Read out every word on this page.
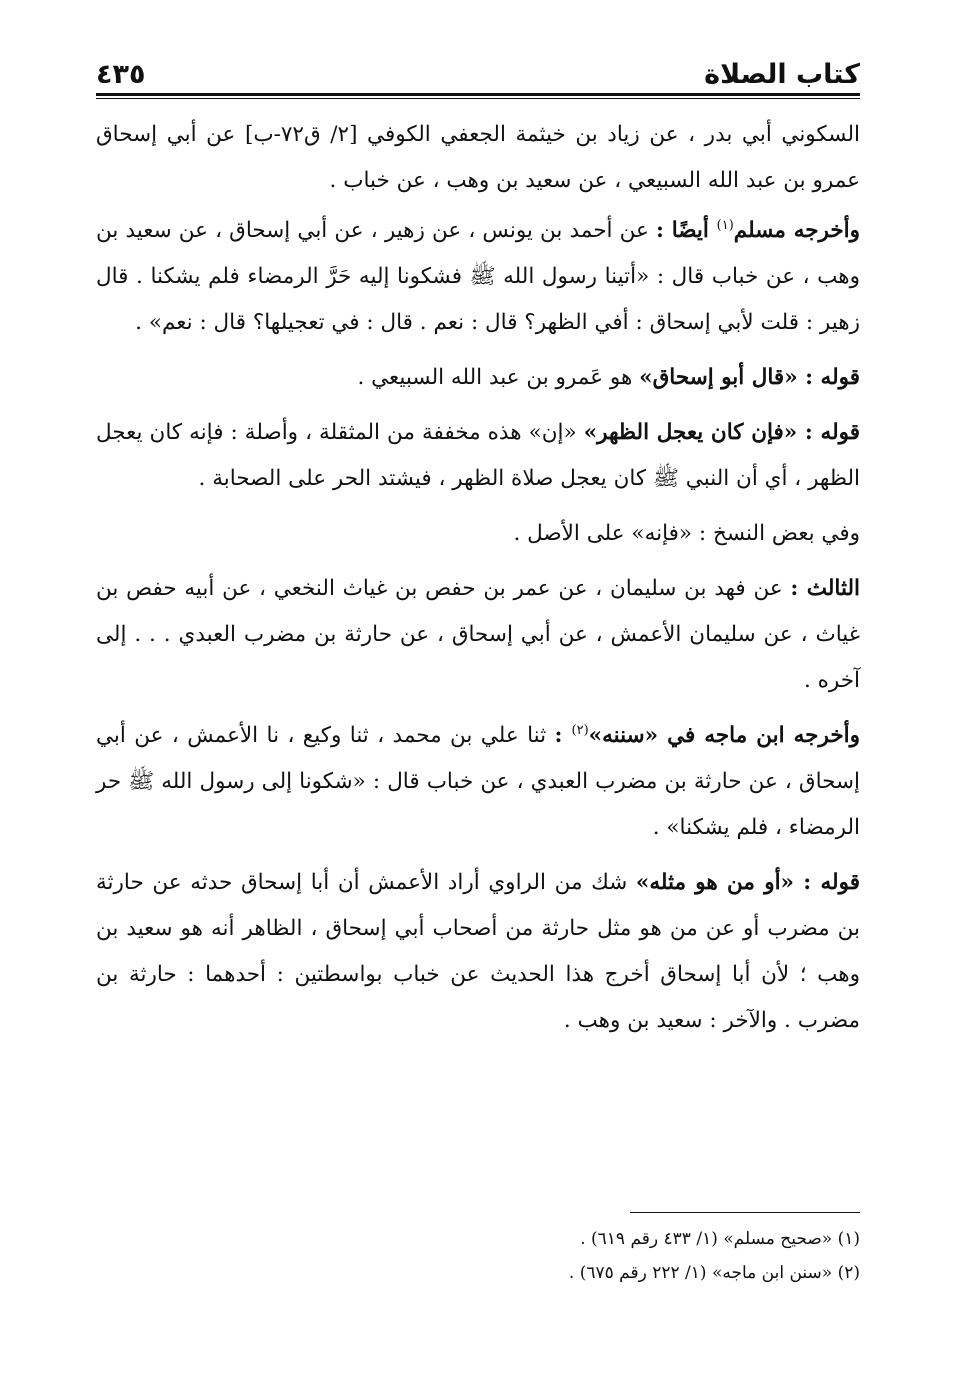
كتاب الصلاة
٤٣٥

السكوني أبي بدر ، عن زياد بن خيثمة الجعفي الكوفي [٢/ ق٧٢-ب] عن أبي إسحاق عمرو بن عبد الله السبيعي ، عن سعيد بن وهب ، عن خباب .

وأخرجه مسلم$^{(١)}$ أيضًا : عن أحمد بن يونس ، عن زهير ، عن أبي إسحاق ، عن سعيد بن وهب ، عن خباب قال : «أتينا رسول الله ﷺ فشكونا إليه حَرَّ الرمضاء فلم يشكنا . قال زهير : قلت لأبي إسحاق : أفي الظهر؟ قال : نعم . قال : في تعجيلها؟ قال : نعم» .

قوله : «قال أبو إسحاق» هو عَمرو بن عبد الله السبيعي .

قوله : «فإن كان يعجل الظهر» «إن» هذه مخففة من المثقلة ، وأصلة : فإنه كان يعجل الظهر ، أي أن النبي ﷺ كان يعجل صلاة الظهر ، فيشتد الحر على الصحابة .

وفي بعض النسخ : «فإنه» على الأصل .

الثالث : عن فهد بن سليمان ، عن عمر بن حفص بن غياث النخعي ، عن أبيه حفص بن غياث ، عن سليمان الأعمش ، عن أبي إسحاق ، عن حارثة بن مضرب العبدي . . . إلى آخره .

وأخرجه ابن ماجه في «سننه»$^{(٢)}$ : ثنا علي بن محمد ، ثنا وكيع ، نا الأعمش ، عن أبي إسحاق ، عن حارثة بن مضرب العبدي ، عن خباب قال : «شكونا إلى رسول الله ﷺ حر الرمضاء ، فلم يشكنا» .

قوله : «أو من هو مثله» شك من الراوي أراد الأعمش أن أبا إسحاق حدثه عن حارثة بن مضرب أو عن من هو مثل حارثة من أصحاب أبي إسحاق ، الظاهر أنه هو سعيد بن وهب ؛ لأن أبا إسحاق أخرج هذا الحديث عن خباب بواسطتين : أحدهما : حارثة بن مضرب . والآخر : سعيد بن وهب .

(١) «صحيح مسلم» (١/ ٤٣٣ رقم ٦١٩) .

(٢) «سنن ابن ماجه» (١/ ٢٢٢ رقم ٦٧٥) .
